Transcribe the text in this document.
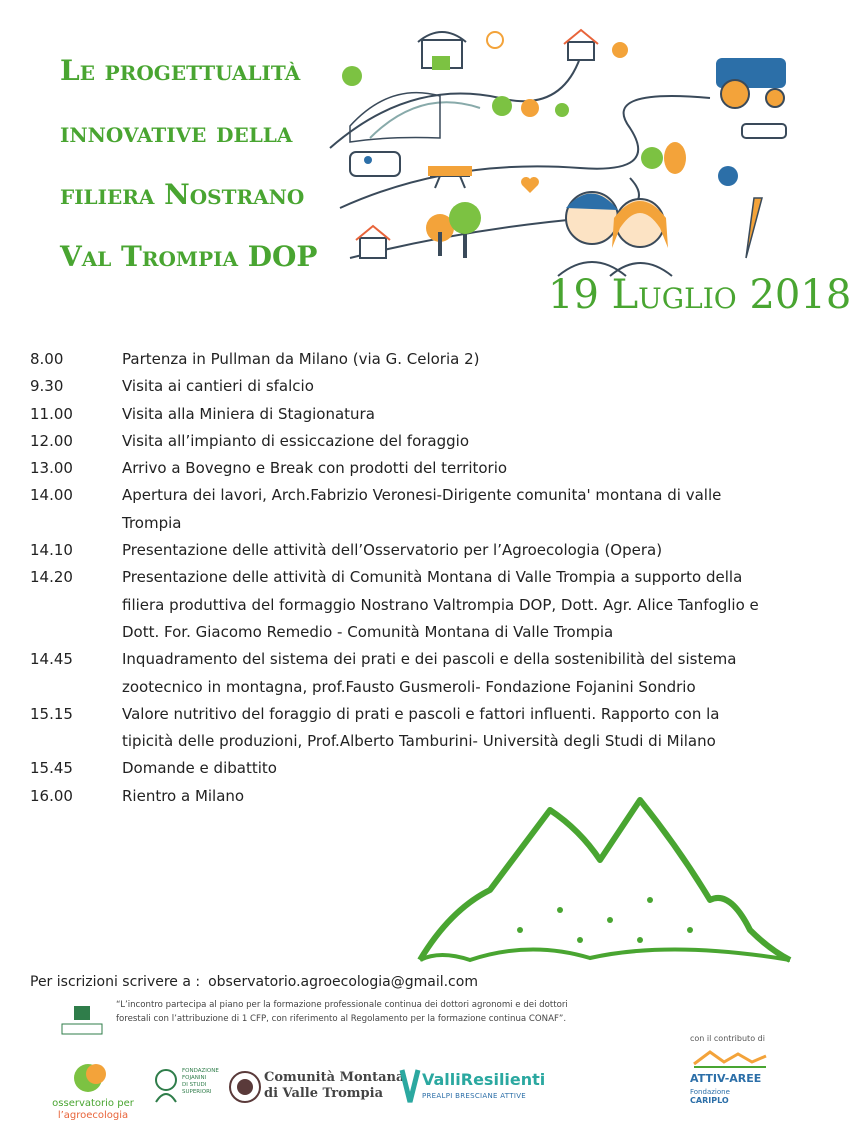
Le progettualità
innovative della
filiera Nostrano
Val Trompia DOP
19 Luglio 2018
8.00	Partenza in Pullman da Milano (via G. Celoria 2)
9.30	Visita ai cantieri di sfalcio
11.00	Visita alla Miniera di Stagionatura
12.00	Visita all’impianto di essiccazione del foraggio
13.00	Arrivo a Bovegno e Break con prodotti del territorio
14.00	Apertura dei lavori, Arch.Fabrizio Veronesi-Dirigente comunita' montana di valle Trompia
14.10	Presentazione delle attività dell’Osservatorio per l’Agroecologia (Opera)
14.20	Presentazione delle attività di Comunità Montana di Valle Trompia a supporto della filiera produttiva del formaggio Nostrano Valtrompia DOP, Dott. Agr. Alice Tanfoglio e Dott. For. Giacomo Remedio - Comunità Montana di Valle Trompia
14.45	Inquadramento del sistema dei prati e dei pascoli e della sostenibilità del sistema zootecnico in montagna, prof.Fausto Gusmeroli- Fondazione Fojanini Sondrio
15.15	Valore nutritivo del foraggio di prati e pascoli e fattori influenti. Rapporto con la tipicità delle produzioni, Prof.Alberto Tamburini- Università degli Studi di Milano
15.45	Domande e dibattito
16.00	Rientro a Milano
Per iscrizioni scrivere a : observatorio.agroecologia@gmail.com
“L’incontro partecipa al piano per la formazione professionale continua dei dottori agronomi e dei dottori forestali con l’attribuzione di 1 CFP, con riferimento al Regolamento per la formazione continua CONAF”.
osservatorio per
l’agroecologia
FONDAZIONE
FOJANINI
DI STUDI
SUPERIORI
Comunità Montana
di Valle Trompia
ValliResilienti
PREALPI BRESCIANE ATTIVE
con il contributo di
ATTIV-AREE
Fondazione
CARIPLO
